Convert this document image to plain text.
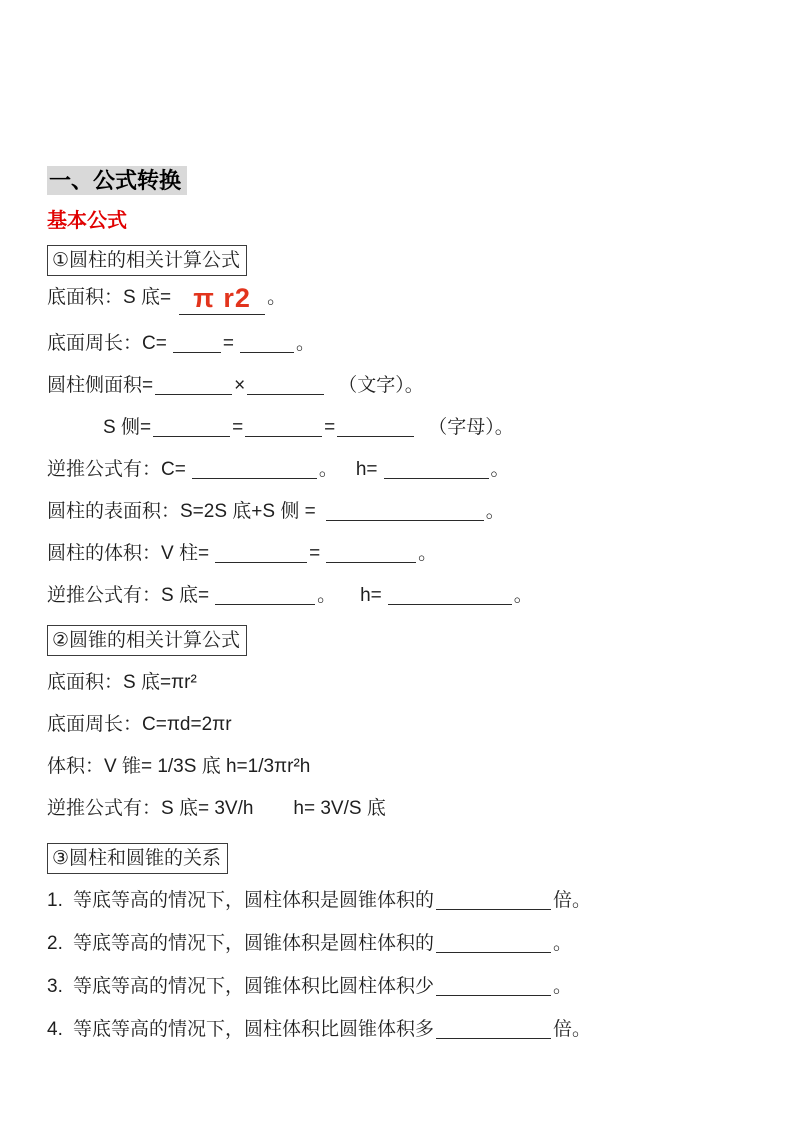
一、公式转换
基本公式
①圆柱的相关计算公式

底面积：S 底= π r2 。

底面周长：C=	=	。

圆柱侧面积=	×	（文字）。

S 侧=	=	=	（字母）。

逆推公式有：C=	。 h=	。

圆柱的表面积：S=2S 底+S 侧 =	。

圆柱的体积：V 柱=	=	。

逆推公式有：S 底=	。 h=	。

②圆锥的相关计算公式

底面积：S 底=πr²

底面周长：C=πd=2πr

体积：V 锥= 1/3S 底 h=1/3πr²h

逆推公式有：S 底= 3V/h h= 3V/S 底

③圆柱和圆锥的关系

1. 等底等高的情况下，圆柱体积是圆锥体积的	倍。

2. 等底等高的情况下，圆锥体积是圆柱体积的	。

3. 等底等高的情况下，圆锥体积比圆柱体积少	。

4. 等底等高的情况下，圆柱体积比圆锥体积多	倍。
